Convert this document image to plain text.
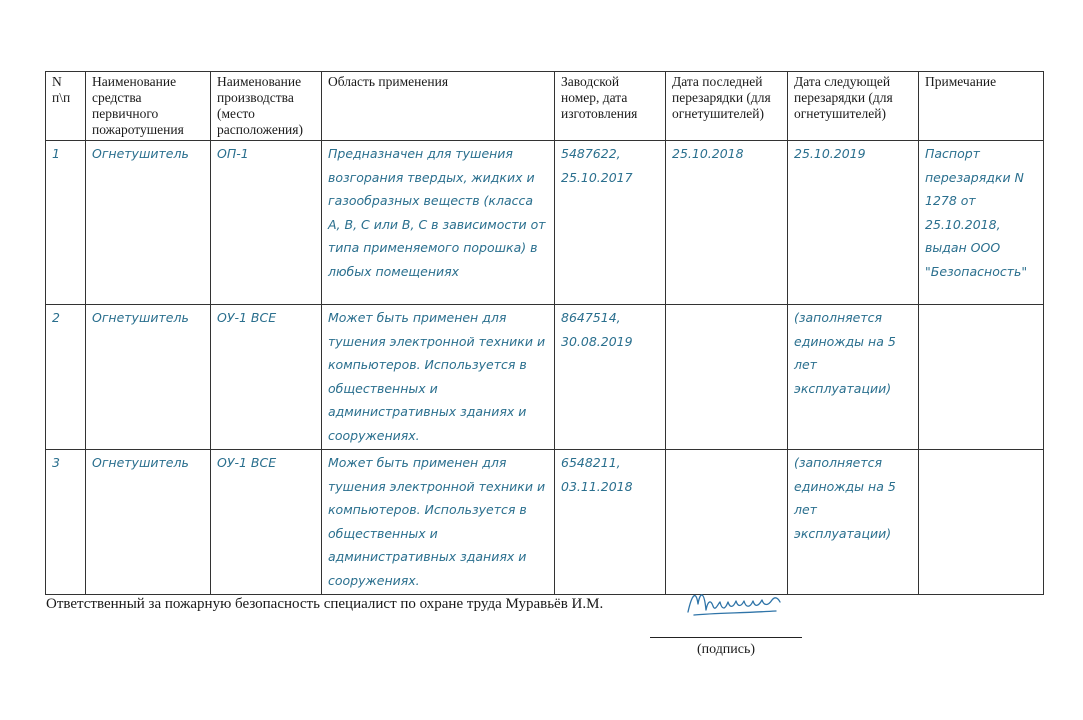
N п\п	Наименование средства первичного пожаротушения	Наименование производства (место расположения)	Область применения	Заводской номер, дата изготовления	Дата последней перезарядки (для огнетушителей)	Дата следующей перезарядки (для огнетушителей)	Примечание
1	Огнетушитель	ОП-1	Предназначен для тушения возгорания твердых, жидких и газообразных веществ (класса А, В, С или В, С в зависимости от типа применяемого порошка) в любых помещениях	5487622, 25.10.2017	25.10.2018	25.10.2019	Паспорт перезарядки N 1278 от 25.10.2018, выдан ООО "Безопасность"
2	Огнетушитель	ОУ-1 ВСЕ	Может быть применен для тушения электронной техники и компьютеров. Используется в общественных и административных зданиях и сооружениях.	8647514, 30.08.2019		(заполняется единожды на 5 лет эксплуатации)	
3	Огнетушитель	ОУ-1 ВСЕ	Может быть применен для тушения электронной техники и компьютеров. Используется в общественных и административных зданиях и сооружениях.	6548211, 03.11.2018		(заполняется единожды на 5 лет эксплуатации)	
Ответственный за пожарную безопасность специалист по охране труда Муравьёв И.М.
(подпись)
